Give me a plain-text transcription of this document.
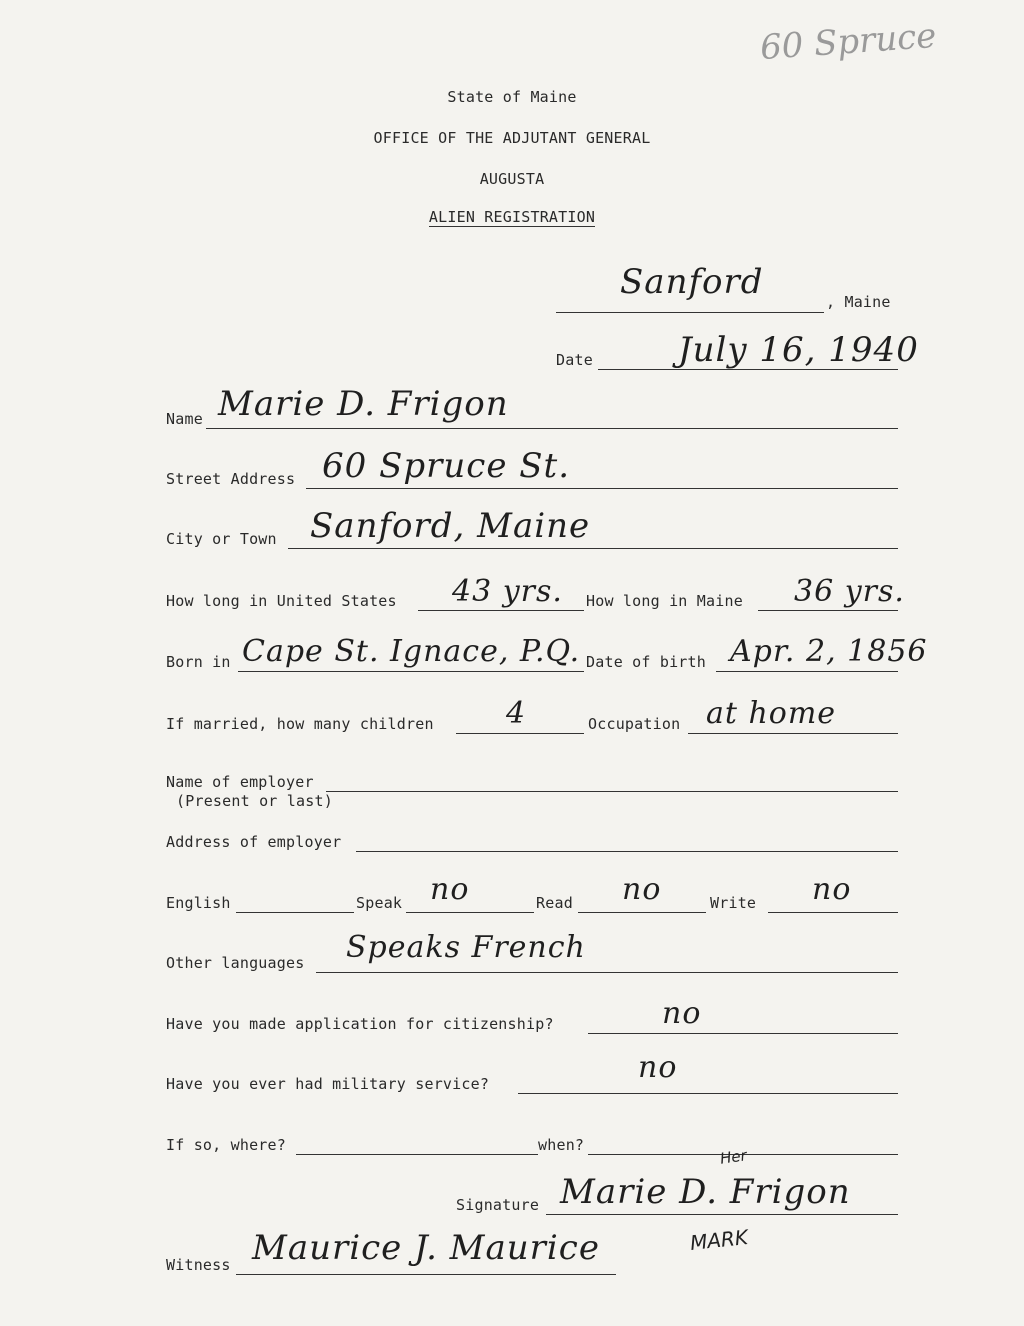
60 Spruce
State of Maine
OFFICE OF THE ADJUTANT GENERAL
AUGUSTA
ALIEN REGISTRATION
Sanford	, Maine
Date	July 16, 1940
Name Marie D. Frigon
Street Address 60 Spruce St.
City or Town Sanford, Maine
How long in United States 43 yrs. How long in Maine 36 yrs.
Born in Cape St. Ignace, P.Q. Date of birth Apr. 2, 1856
If married, how many children 4	Occupation at home
Name of employer
(Present or last)
Address of employer
English	Speak no	Read no	Write no
Other languages Speaks French
Have you made application for citizenship?	no
Have you ever had military service?	no
If so, where?	when?
Signature Marie D. Frigon
Her
MARK
Witness Maurice J. Maurice
